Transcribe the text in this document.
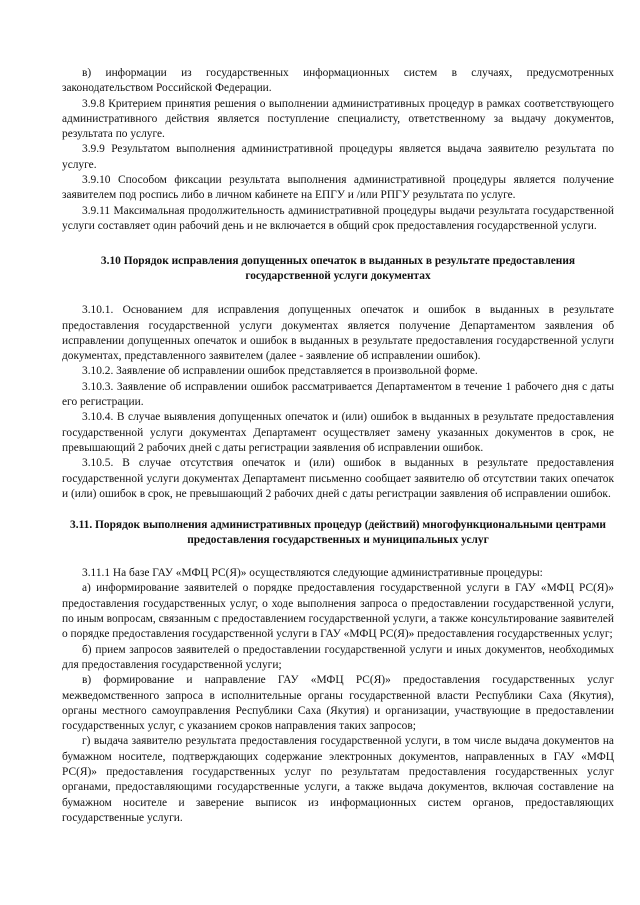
в) информации из государственных информационных систем в случаях, предусмотренных законодательством Российской Федерации.

3.9.8 Критерием принятия решения о выполнении административных процедур в рамках соответствующего административного действия является поступление специалисту, ответственному за выдачу документов, результата по услуге.

3.9.9 Результатом выполнения административной процедуры является выдача заявителю результата по услуге.

3.9.10 Способом фиксации результата выполнения административной процедуры является получение заявителем под роспись либо в личном кабинете на ЕПГУ и /или РПГУ результата по услуге.

3.9.11 Максимальная продолжительность административной процедуры выдачи результата государственной услуги составляет один рабочий день и не включается в общий срок предоставления государственной услуги.

3.10 Порядок исправления допущенных опечаток в выданных в результате предоставления государственной услуги документах

3.10.1. Основанием для исправления допущенных опечаток и ошибок в выданных в результате предоставления государственной услуги документах является получение Департаментом заявления об исправлении допущенных опечаток и ошибок в выданных в результате предоставления государственной услуги документах, представленного заявителем (далее - заявление об исправлении ошибок).

3.10.2. Заявление об исправлении ошибок представляется в произвольной форме.

3.10.3. Заявление об исправлении ошибок рассматривается Департаментом в течение 1 рабочего дня с даты его регистрации.

3.10.4. В случае выявления допущенных опечаток и (или) ошибок в выданных в результате предоставления государственной услуги документах Департамент осуществляет замену указанных документов в срок, не превышающий 2 рабочих дней с даты регистрации заявления об исправлении ошибок.

3.10.5. В случае отсутствия опечаток и (или) ошибок в выданных в результате предоставления государственной услуги документах Департамент письменно сообщает заявителю об отсутствии таких опечаток и (или) ошибок в срок, не превышающий 2 рабочих дней с даты регистрации заявления об исправлении ошибок.

3.11. Порядок выполнения административных процедур (действий) многофункциональными центрами предоставления государственных и муниципальных услуг

3.11.1 На базе ГАУ «МФЦ РС(Я)» осуществляются следующие административные процедуры:

а) информирование заявителей о порядке предоставления государственной услуги в ГАУ «МФЦ РС(Я)» предоставления государственных услуг, о ходе выполнения запроса о предоставлении государственной услуги, по иным вопросам, связанным с предоставлением государственной услуги, а также консультирование заявителей о порядке предоставления государственной услуги в ГАУ «МФЦ РС(Я)» предоставления государственных услуг;

б) прием запросов заявителей о предоставлении государственной услуги и иных документов, необходимых для предоставления государственной услуги;

в) формирование и направление ГАУ «МФЦ РС(Я)» предоставления государственных услуг межведомственного запроса в исполнительные органы государственной власти Республики Саха (Якутия), органы местного самоуправления Республики Саха (Якутия) и организации, участвующие в предоставлении государственных услуг, с указанием сроков направления таких запросов;

г) выдача заявителю результата предоставления государственной услуги, в том числе выдача документов на бумажном носителе, подтверждающих содержание электронных документов, направленных в ГАУ «МФЦ РС(Я)» предоставления государственных услуг по результатам предоставления государственных услуг органами, предоставляющими государственные услуги, а также выдача документов, включая составление на бумажном носителе и заверение выписок из информационных систем органов, предоставляющих государственные услуги.
